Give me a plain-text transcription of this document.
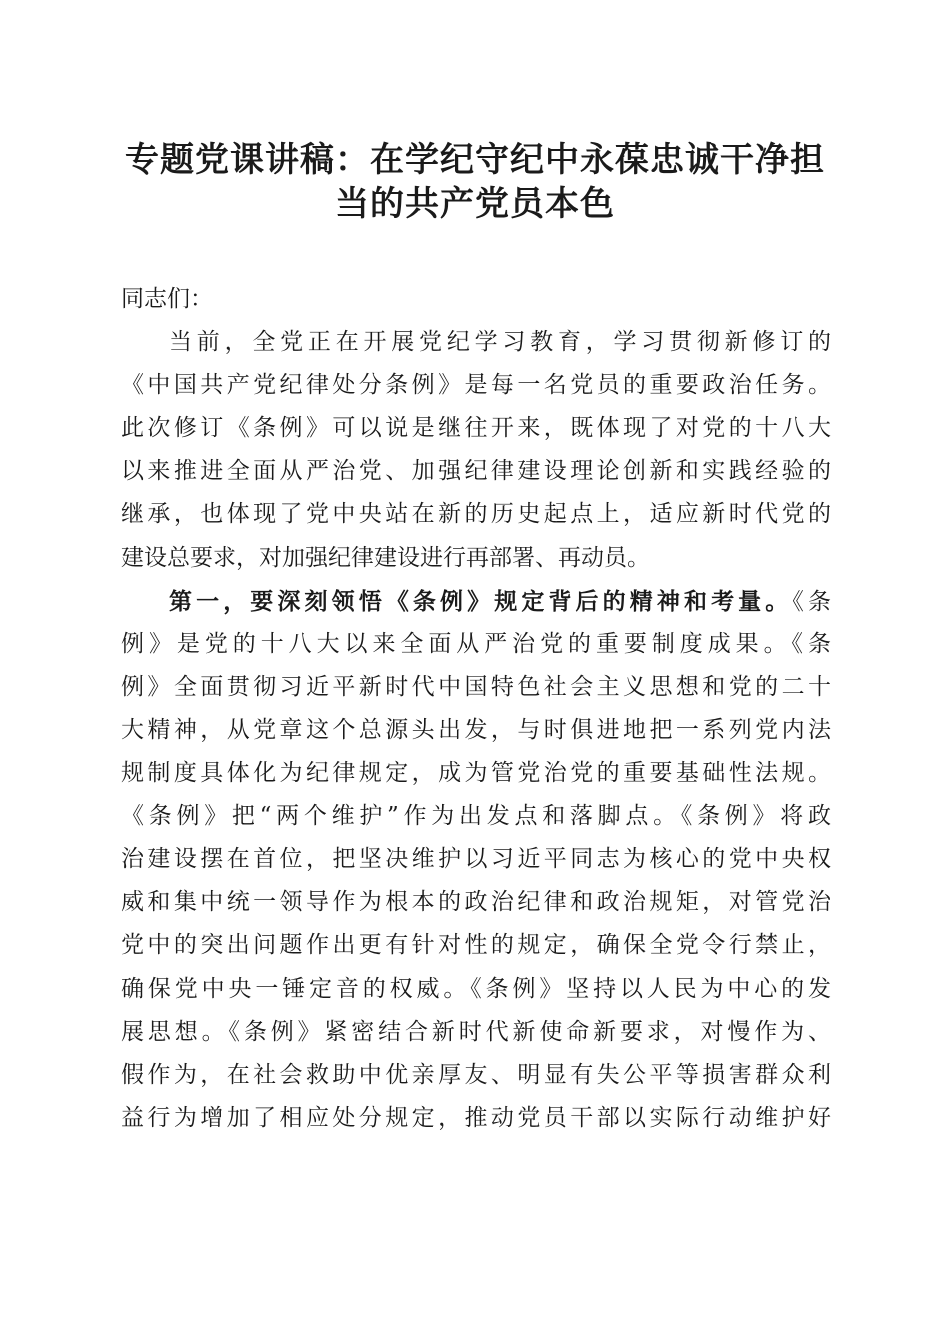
专题党课讲稿：在学纪守纪中永葆忠诚干净担
当的共产党员本色
同志们：
当前，全党正在开展党纪学习教育，学习贯彻新修订的
《中国共产党纪律处分条例》是每一名党员的重要政治任务。
此次修订《条例》可以说是继往开来，既体现了对党的十八大
以来推进全面从严治党、加强纪律建设理论创新和实践经验的
继承，也体现了党中央站在新的历史起点上，适应新时代党的
建设总要求，对加强纪律建设进行再部署、再动员。
第一，要深刻领悟《条例》规定背后的精神和考量。《条
例》是党的十八大以来全面从严治党的重要制度成果。《条
例》全面贯彻习近平新时代中国特色社会主义思想和党的二十
大精神，从党章这个总源头出发，与时俱进地把一系列党内法
规制度具体化为纪律规定，成为管党治党的重要基础性法规。
《条例》把“两个维护”作为出发点和落脚点。《条例》将政
治建设摆在首位，把坚决维护以习近平同志为核心的党中央权
威和集中统一领导作为根本的政治纪律和政治规矩，对管党治
党中的突出问题作出更有针对性的规定，确保全党令行禁止，
确保党中央一锤定音的权威。《条例》坚持以人民为中心的发
展思想。《条例》紧密结合新时代新使命新要求，对慢作为、
假作为，在社会救助中优亲厚友、明显有失公平等损害群众利
益行为增加了相应处分规定，推动党员干部以实际行动维护好
